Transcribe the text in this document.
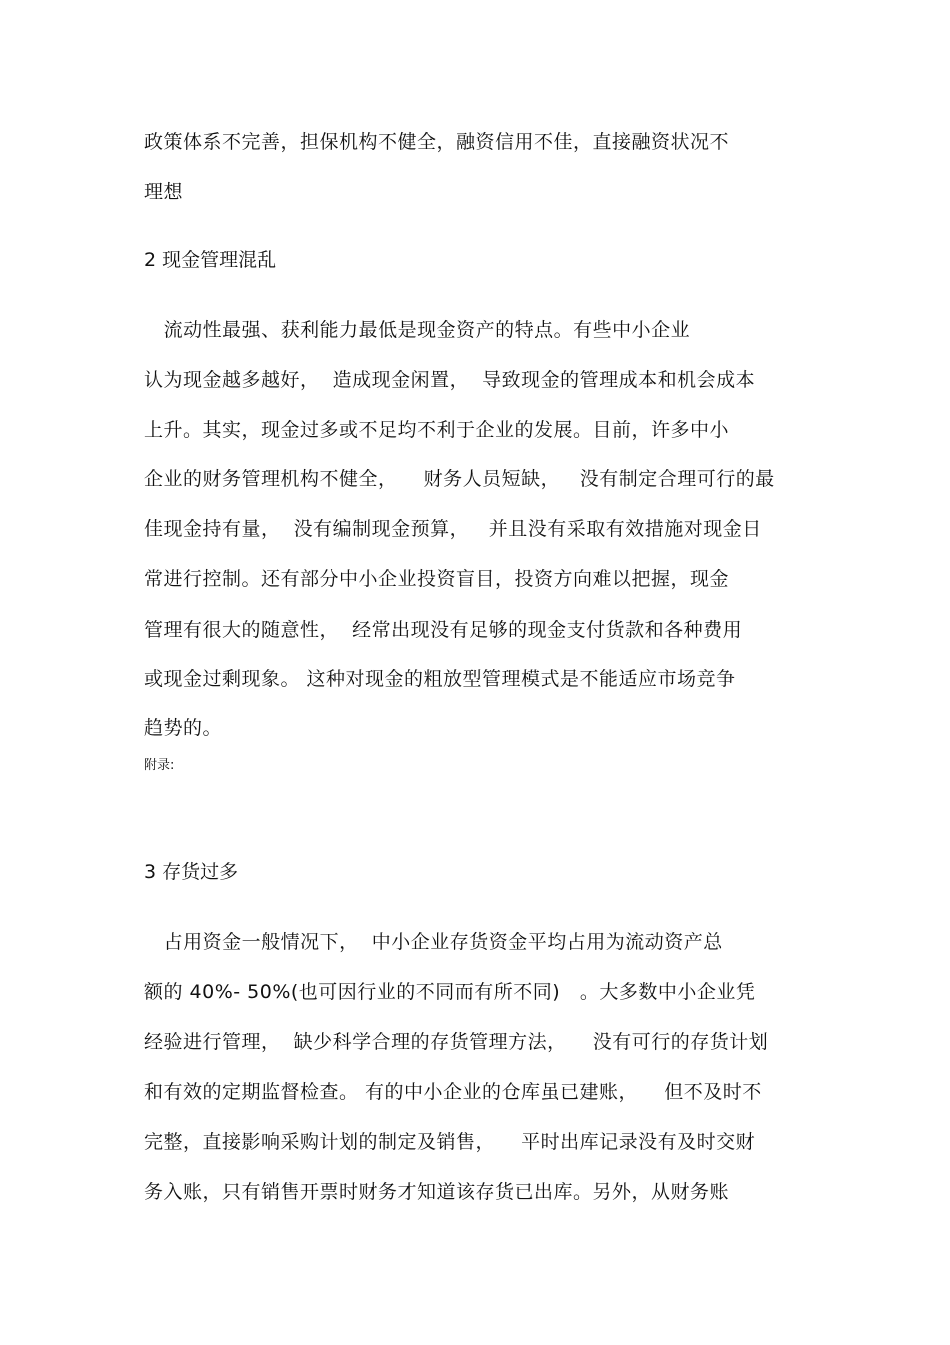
政策体系不完善，担保机构不健全，融资信用不佳，直接融资状况不
理想
2 现金管理混乱
流动性最强、获利能力最低是现金资产的特点。有些中小企业
认为现金越多越好，  造成现金闲置，  导致现金的管理成本和机会成本
上升。其实，现金过多或不足均不利于企业的发展。目前，许多中小
企业的财务管理机构不健全，    财务人员短缺，   没有制定合理可行的最
佳现金持有量，  没有编制现金预算，   并且没有采取有效措施对现金日
常进行控制。还有部分中小企业投资盲目，投资方向难以把握，现金
管理有很大的随意性，  经常出现没有足够的现金支付货款和各种费用
或现金过剩现象。 这种对现金的粗放型管理模式是不能适应市场竞争
趋势的。
附录:
3 存货过多
占用资金一般情况下，  中小企业存货资金平均占用为流动资产总
额的 40%- 50%(也可因行业的不同而有所不同)   。大多数中小企业凭
经验进行管理，  缺少科学合理的存货管理方法，    没有可行的存货计划
和有效的定期监督检查。 有的中小企业的仓库虽已建账，    但不及时不
完整，直接影响采购计划的制定及销售，    平时出库记录没有及时交财
务入账，只有销售开票时财务才知道该存货已出库。另外，从财务账
